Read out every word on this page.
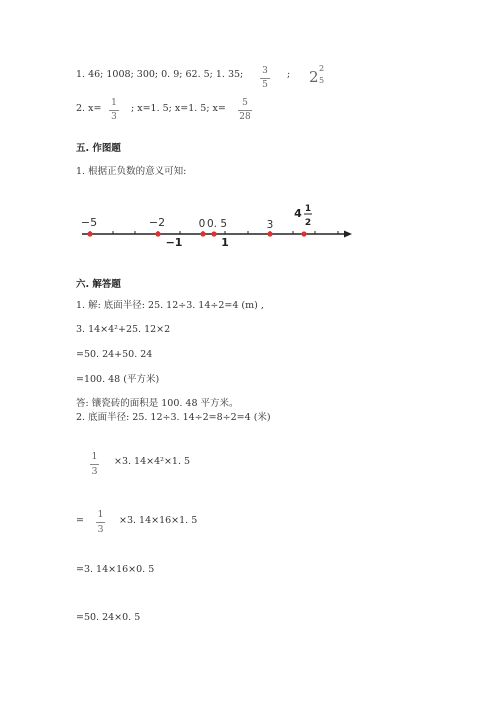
1. 46; 1008; 300; 0. 9; 62. 5; 1. 35; 3
5
; 2 2
5
2. x= 1
3
; x=1. 5; x=1. 5; x= 5
28
五. 作图题
1. 根据正负数的意义可知:
−5	−2	0 0. 5	3
4 1
2
−1	1
六. 解答题
1. 解: 底面半径: 25. 12÷3. 14÷2=4 (m) ,
3. 14×4²+25. 12×2
=50. 24+50. 24
=100. 48 (平方米)
答: 镶瓷砖的面积是 100. 48 平方米。
2. 底面半径: 25. 12÷3. 14÷2=8÷2=4 (米)
1
3
×3. 14×4²×1. 5
=
1
3
×3. 14×16×1. 5
=3. 14×16×0. 5
=50. 24×0. 5
